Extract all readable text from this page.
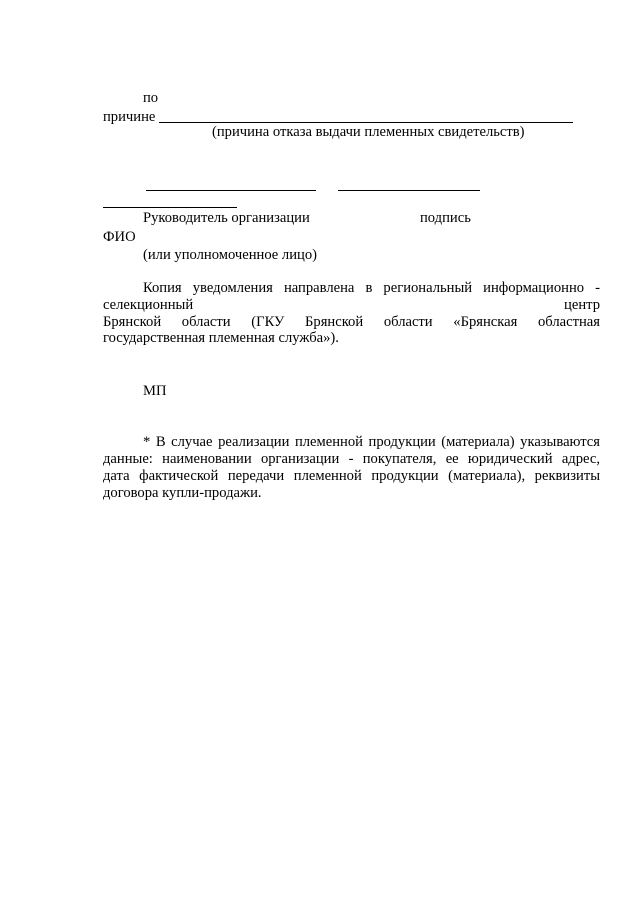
по
причине
(причина отказа выдачи племенных свидетельств)
Руководитель организации	подпись
ФИО
(или уполномоченное лицо)
Копия уведомления направлена в региональный информационно -
селекционный	центр
Брянской области (ГКУ Брянской области «Брянская областная
государственная племенная служба»).
МП
* В случае реализации племенной продукции (материала) указываются
данные: наименовании организации - покупателя, ее юридический адрес,
дата фактической передачи племенной продукции (материала), реквизиты
договора купли-продажи.
